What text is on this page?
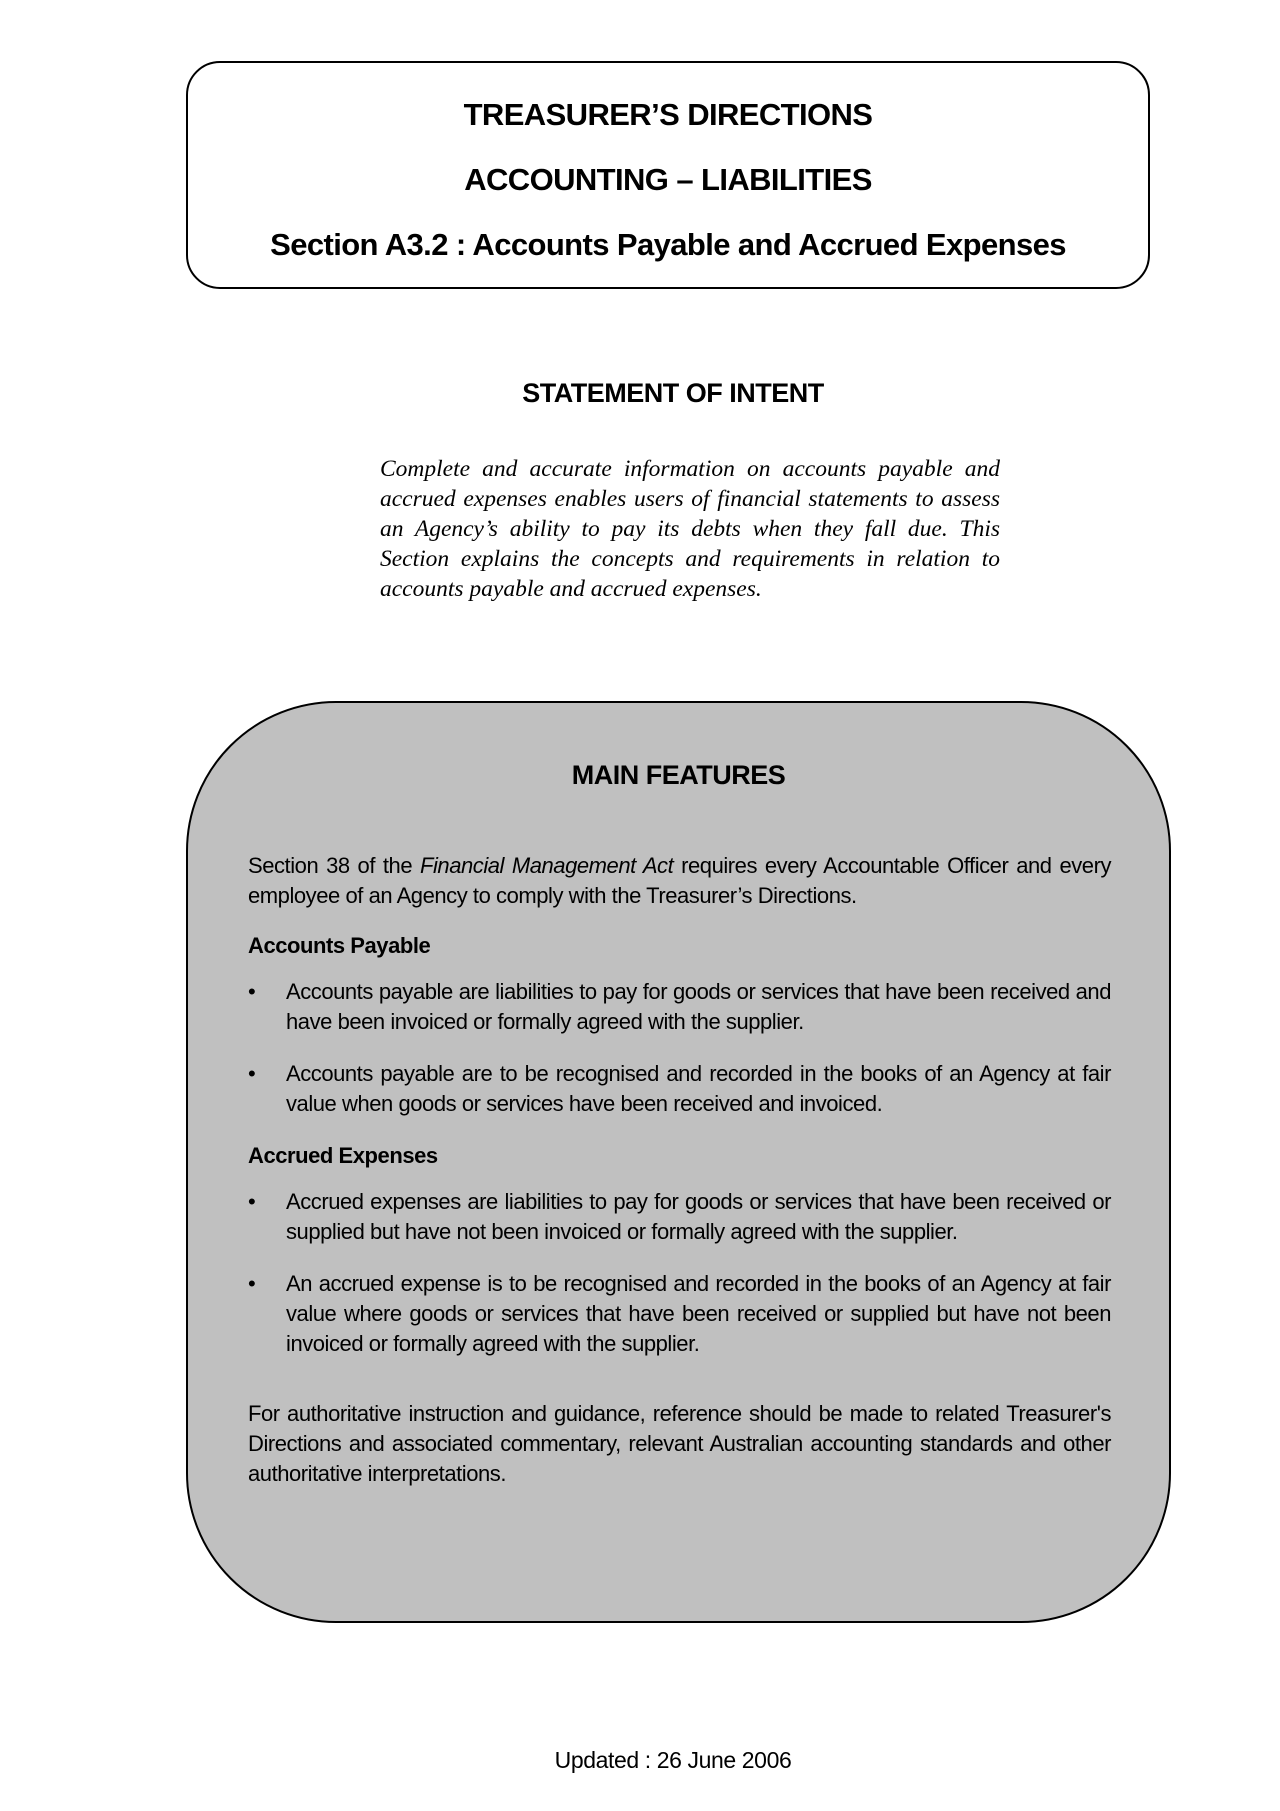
TREASURER’S DIRECTIONS
ACCOUNTING – LIABILITIES
Section A3.2 : Accounts Payable and Accrued Expenses
STATEMENT OF INTENT
Complete and accurate information on accounts payable and accrued expenses enables users of financial statements to assess an Agency’s ability to pay its debts when they fall due. This Section explains the concepts and requirements in relation to accounts payable and accrued expenses.
MAIN FEATURES

Section 38 of the Financial Management Act requires every Accountable Officer and every employee of an Agency to comply with the Treasurer’s Directions.

Accounts Payable

• Accounts payable are liabilities to pay for goods or services that have been received and have been invoiced or formally agreed with the supplier.
• Accounts payable are to be recognised and recorded in the books of an Agency at fair value when goods or services have been received and invoiced.

Accrued Expenses

• Accrued expenses are liabilities to pay for goods or services that have been received or supplied but have not been invoiced or formally agreed with the supplier.
• An accrued expense is to be recognised and recorded in the books of an Agency at fair value where goods or services that have been received or supplied but have not been invoiced or formally agreed with the supplier.

For authoritative instruction and guidance, reference should be made to related Treasurer's Directions and associated commentary, relevant Australian accounting standards and other authoritative interpretations.

Updated : 26 June 2006
